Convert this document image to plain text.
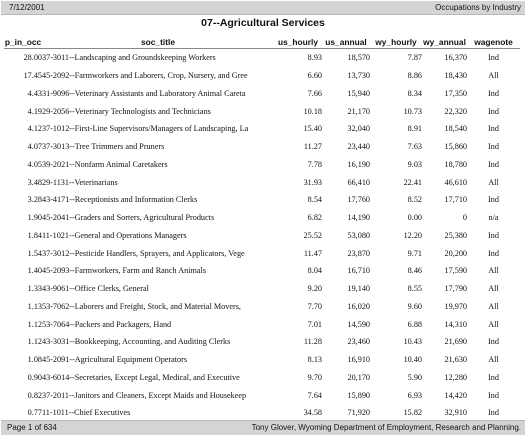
7/12/2001	Occupations by Industry
07--Agricultural Services
p_in_occ	soc_title	us_hourly	us_annual	wy_hourly	wy_annual	wagenote
28.00	37-3011--Landscaping and Groundskeeping Workers	8.93	18,570	7.87	16,370	Ind
17.45	45-2092--Farmworkers and Laborers, Crop, Nursery, and Gree	6.60	13,730	8.86	18,430	All
4.43	31-9096--Veterinary Assistants and Laboratory Animal Careta	7.66	15,940	8.34	17,350	Ind
4.19	29-2056--Veterinary Technologists and Technicians	10.18	21,170	10.73	22,320	Ind
4.12	37-1012--First-Line Supervisors/Managers of Landscaping, La	15.40	32,040	8.91	18,540	Ind
4.07	37-3013--Tree Trimmers and Pruners	11.27	23,440	7.63	15,860	Ind
4.05	39-2021--Nonfarm Animal Caretakers	7.78	16,190	9.03	18,780	Ind
3.48	29-1131--Veterinarians	31.93	66,410	22.41	46,610	All
3.28	43-4171--Receptionists and Information Clerks	8.54	17,760	8.52	17,710	Ind
1.90	45-2041--Graders and Sorters, Agricultural Products	6.82	14,190	0.00	0	n/a
1.84	11-1021--General and Operations Managers	25.52	53,080	12.20	25,380	Ind
1.54	37-3012--Pesticide Handlers, Sprayers, and Applicators, Vege	11.47	23,870	9.71	20,200	Ind
1.40	45-2093--Farmworkers, Farm and Ranch Animals	8.04	16,710	8.46	17,590	All
1.33	43-9061--Office Clerks, General	9.20	19,140	8.55	17,790	All
1.13	53-7062--Laborers and Freight, Stock, and Material Movers,	7.70	16,020	9.60	19,970	All
1.12	53-7064--Packers and Packagers, Hand	7.01	14,590	6.88	14,310	All
1.12	43-3031--Bookkeeping, Accounting, and Auditing Clerks	11.28	23,460	10.43	21,690	Ind
1.08	45-2091--Agricultural Equipment Operators	8.13	16,910	10.40	21,630	All
0.90	43-6014--Secretaries, Except Legal, Medical, and Executive	9.70	20,170	5.90	12,280	Ind
0.82	37-2011--Janitors and Cleaners, Except Maids and Housekeep	7.64	15,890	6.93	14,420	Ind
0.77	11-1011--Chief Executives	34.58	71,920	15.82	32,910	Ind
Page 1 of 634	Tony Glover, Wyoming Department of Employment, Research and Planning.
